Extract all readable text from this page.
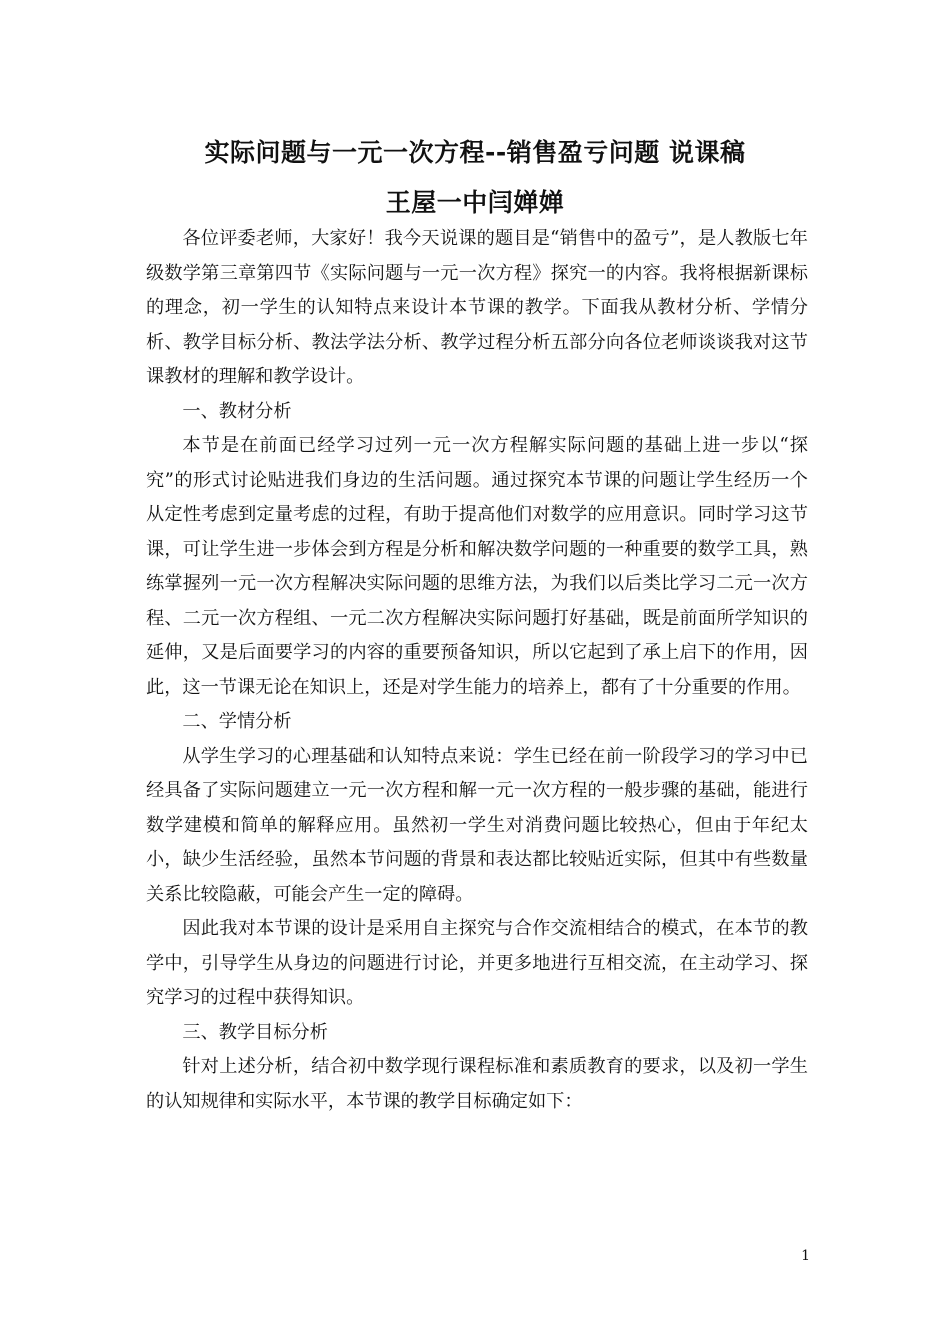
实际问题与一元一次方程--销售盈亏问题 说课稿
王屋一中闫婵婵

各位评委老师，大家好！我今天说课的题目是“销售中的盈亏”，是人教版七年级数学第三章第四节《实际问题与一元一次方程》探究一的内容。我将根据新课标的理念，初一学生的认知特点来设计本节课的教学。下面我从教材分析、学情分析、教学目标分析、教法学法分析、教学过程分析五部分向各位老师谈谈我对这节课教材的理解和教学设计。

一、教材分析

本节是在前面已经学习过列一元一次方程解实际问题的基础上进一步以“探究”的形式讨论贴进我们身边的生活问题。通过探究本节课的问题让学生经历一个从定性考虑到定量考虑的过程，有助于提高他们对数学的应用意识。同时学习这节课，可让学生进一步体会到方程是分析和解决数学问题的一种重要的数学工具，熟练掌握列一元一次方程解决实际问题的思维方法，为我们以后类比学习二元一次方程、二元一次方程组、一元二次方程解决实际问题打好基础，既是前面所学知识的延伸，又是后面要学习的内容的重要预备知识，所以它起到了承上启下的作用，因此，这一节课无论在知识上，还是对学生能力的培养上，都有了十分重要的作用。

二、学情分析

从学生学习的心理基础和认知特点来说：学生已经在前一阶段学习的学习中已经具备了实际问题建立一元一次方程和解一元一次方程的一般步骤的基础，能进行数学建模和简单的解释应用。虽然初一学生对消费问题比较热心，但由于年纪太小，缺少生活经验，虽然本节问题的背景和表达都比较贴近实际，但其中有些数量关系比较隐蔽，可能会产生一定的障碍。

因此我对本节课的设计是采用自主探究与合作交流相结合的模式，在本节的教学中，引导学生从身边的问题进行讨论，并更多地进行互相交流，在主动学习、探究学习的过程中获得知识。

三、教学目标分析

针对上述分析，结合初中数学现行课程标准和素质教育的要求，以及初一学生的认知规律和实际水平，本节课的教学目标确定如下：

1
